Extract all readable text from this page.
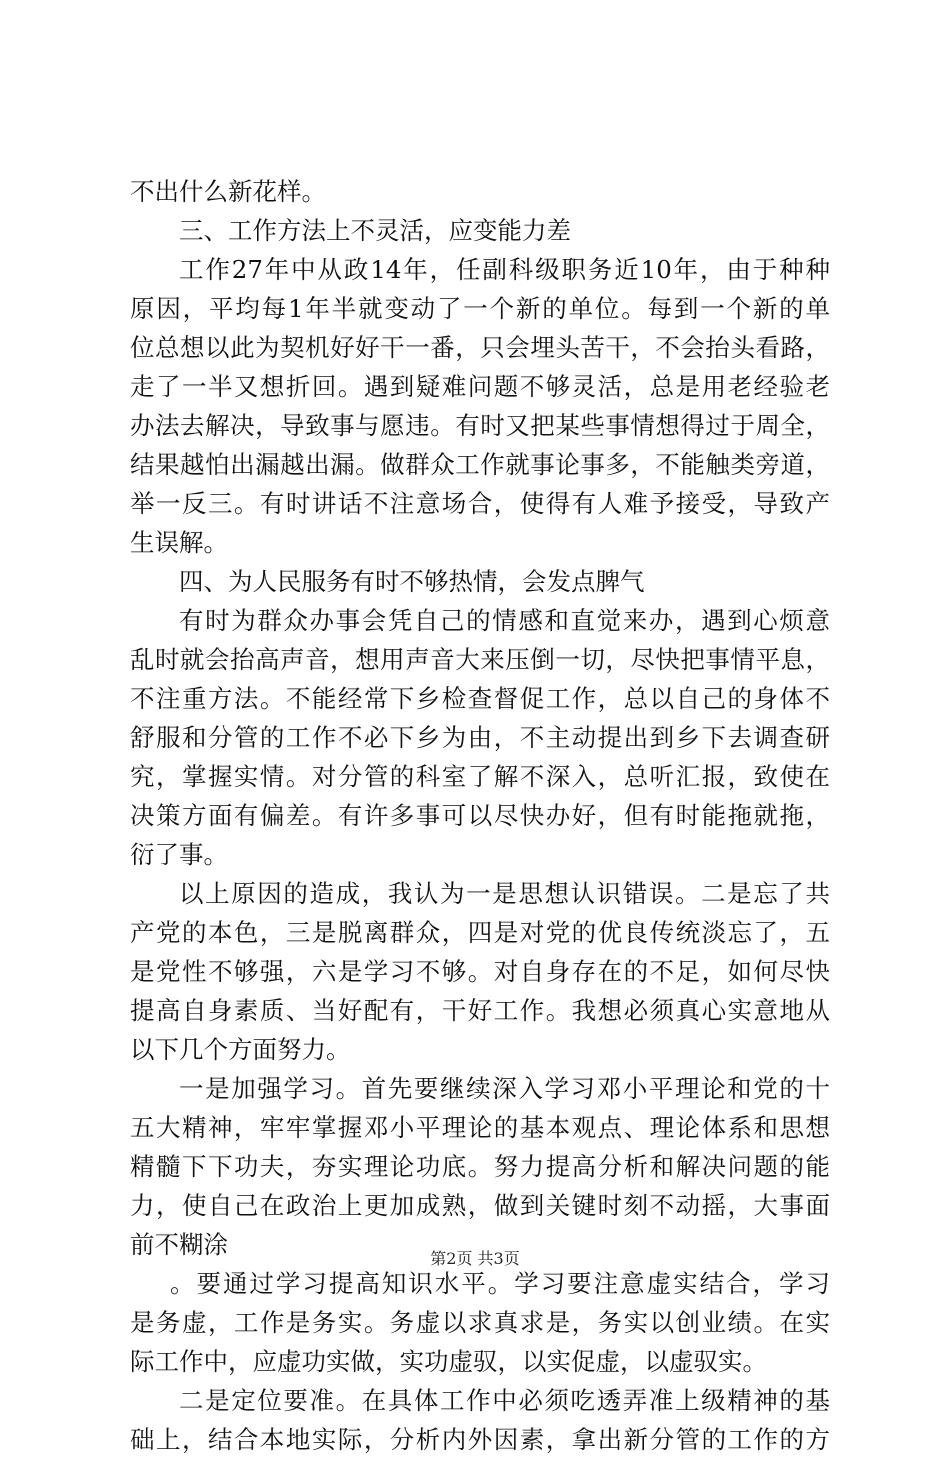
不出什么新花样。
三、工作方法上不灵活，应变能力差
工作27年中从政14年，任副科级职务近10年，由于种种
原因，平均每1年半就变动了一个新的单位。每到一个新的单
位总想以此为契机好好干一番，只会埋头苦干，不会抬头看路，
走了一半又想折回。遇到疑难问题不够灵活，总是用老经验老
办法去解决，导致事与愿违。有时又把某些事情想得过于周全，
结果越怕出漏越出漏。做群众工作就事论事多，不能触类旁道，
举一反三。有时讲话不注意场合，使得有人难予接受，导致产
生误解。
四、为人民服务有时不够热情，会发点脾气
有时为群众办事会凭自己的情感和直觉来办，遇到心烦意
乱时就会抬高声音，想用声音大来压倒一切，尽快把事情平息，
不注重方法。不能经常下乡检查督促工作，总以自己的身体不
舒服和分管的工作不必下乡为由，不主动提出到乡下去调查研
究，掌握实情。对分管的科室了解不深入，总听汇报，致使在
决策方面有偏差。有许多事可以尽快办好，但有时能拖就拖，
衍了事。
以上原因的造成，我认为一是思想认识错误。二是忘了共
产党的本色，三是脱离群众，四是对党的优良传统淡忘了，五
是党性不够强，六是学习不够。对自身存在的不足，如何尽快
提高自身素质、当好配有，干好工作。我想必须真心实意地从
以下几个方面努力。
一是加强学习。首先要继续深入学习邓小平理论和党的十
五大精神，牢牢掌握邓小平理论的基本观点、理论体系和思想
精髓下下功夫，夯实理论功底。努力提高分析和解决问题的能
力，使自己在政治上更加成熟，做到关键时刻不动摇，大事面
前不糊涂
。要通过学习提高知识水平。学习要注意虚实结合，学习
是务虚，工作是务实。务虚以求真求是，务实以创业绩。在实
际工作中，应虚功实做，实功虚驭，以实促虚，以虚驭实。
二是定位要准。在具体工作中必须吃透弄准上级精神的基
础上，结合本地实际，分析内外因素，拿出新分管的工作的方
第2页 共3页
